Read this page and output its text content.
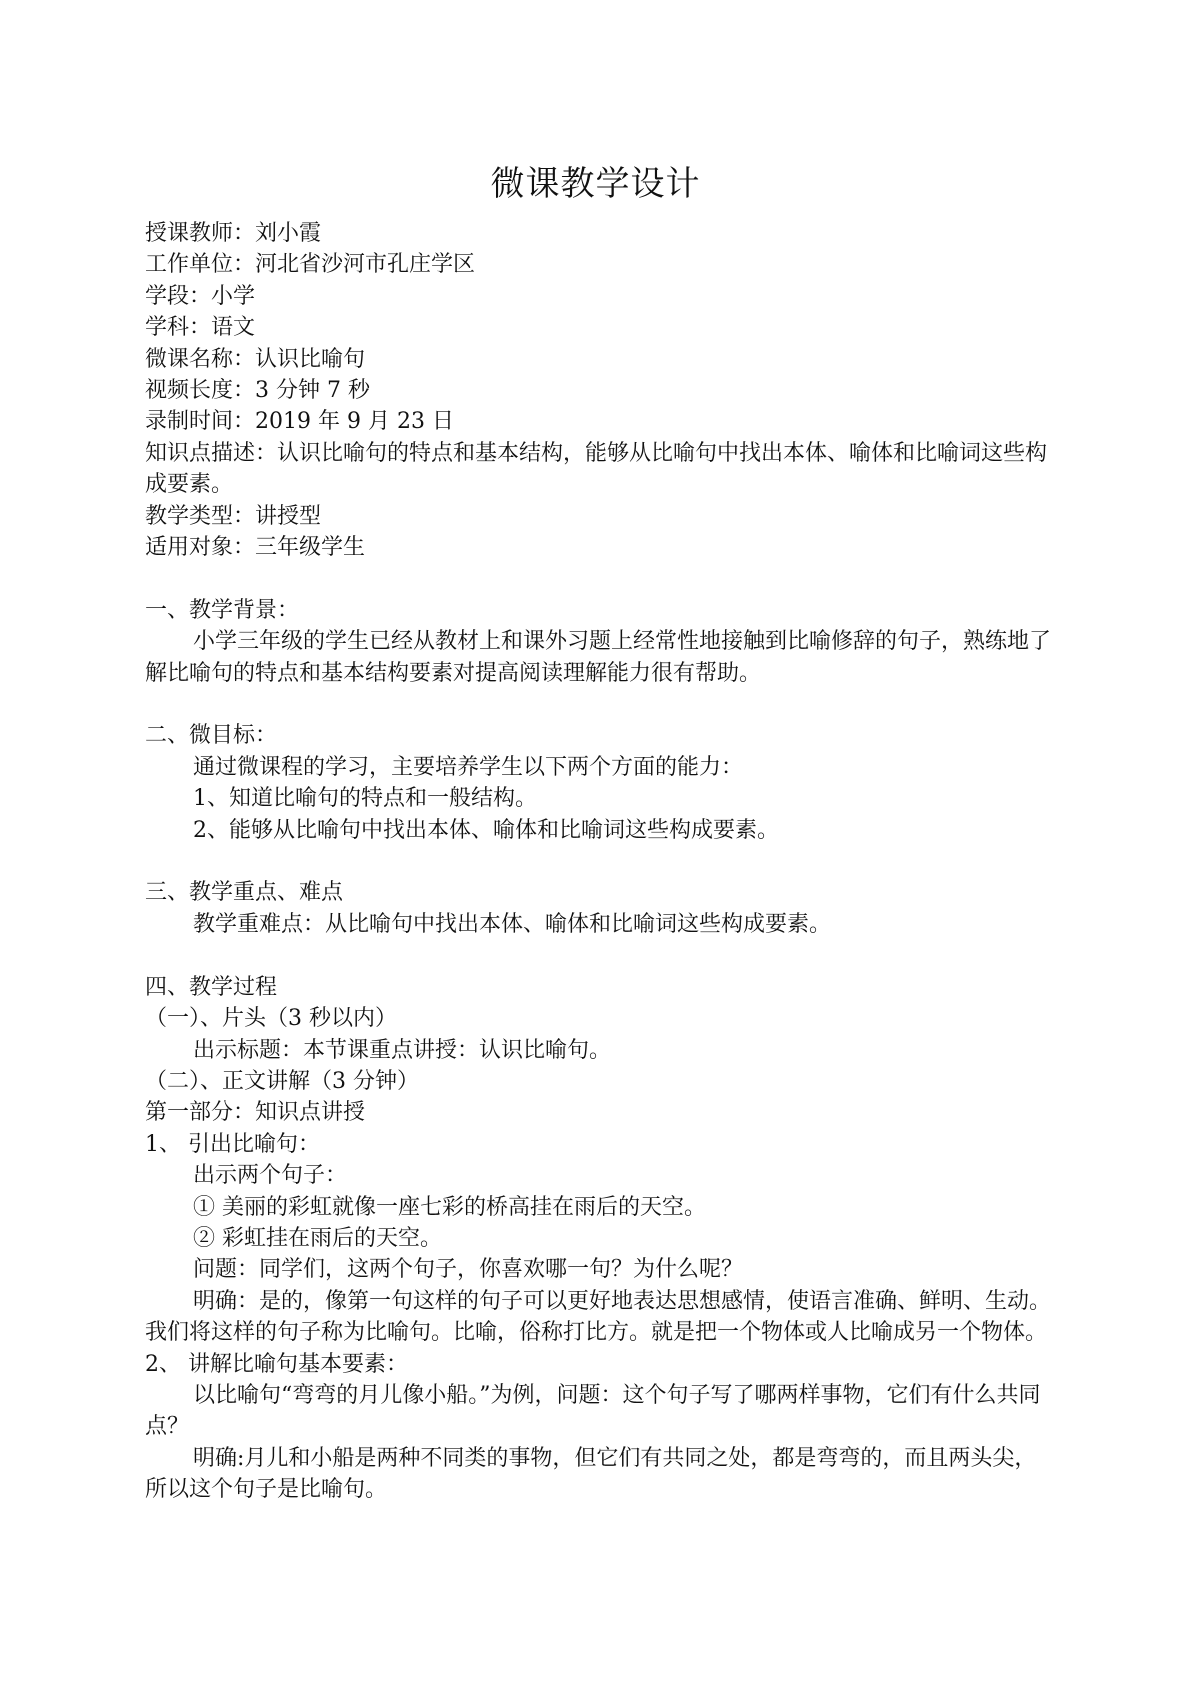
微课教学设计

授课教师：刘小霞

工作单位：河北省沙河市孔庄学区

学段：小学

学科：语文

微课名称：认识比喻句

视频长度：3 分钟 7 秒

录制时间：2019 年 9 月 23 日

知识点描述：认识比喻句的特点和基本结构，能够从比喻句中找出本体、喻体和比喻词这些构成要素。

教学类型：讲授型

适用对象：三年级学生

一、教学背景：

小学三年级的学生已经从教材上和课外习题上经常性地接触到比喻修辞的句子，熟练地了解比喻句的特点和基本结构要素对提高阅读理解能力很有帮助。

二、微目标：

通过微课程的学习，主要培养学生以下两个方面的能力：

1、知道比喻句的特点和一般结构。

2、能够从比喻句中找出本体、喻体和比喻词这些构成要素。

三、教学重点、难点

教学重难点：从比喻句中找出本体、喻体和比喻词这些构成要素。

四、教学过程

（一）、片头（3 秒以内）

出示标题：本节课重点讲授：认识比喻句。

（二）、正文讲解（3 分钟）

第一部分：知识点讲授

1、 引出比喻句：

出示两个句子：

① 美丽的彩虹就像一座七彩的桥高挂在雨后的天空。

② 彩虹挂在雨后的天空。

问题：同学们，这两个句子，你喜欢哪一句？为什么呢？

明确：是的，像第一句这样的句子可以更好地表达思想感情，使语言准确、鲜明、生动。我们将这样的句子称为比喻句。比喻，俗称打比方。就是把一个物体或人比喻成另一个物体。

2、 讲解比喻句基本要素：

以比喻句“弯弯的月儿像小船。”为例，问题：这个句子写了哪两样事物，它们有什么共同点？

明确:月儿和小船是两种不同类的事物，但它们有共同之处，都是弯弯的，而且两头尖，所以这个句子是比喻句。
